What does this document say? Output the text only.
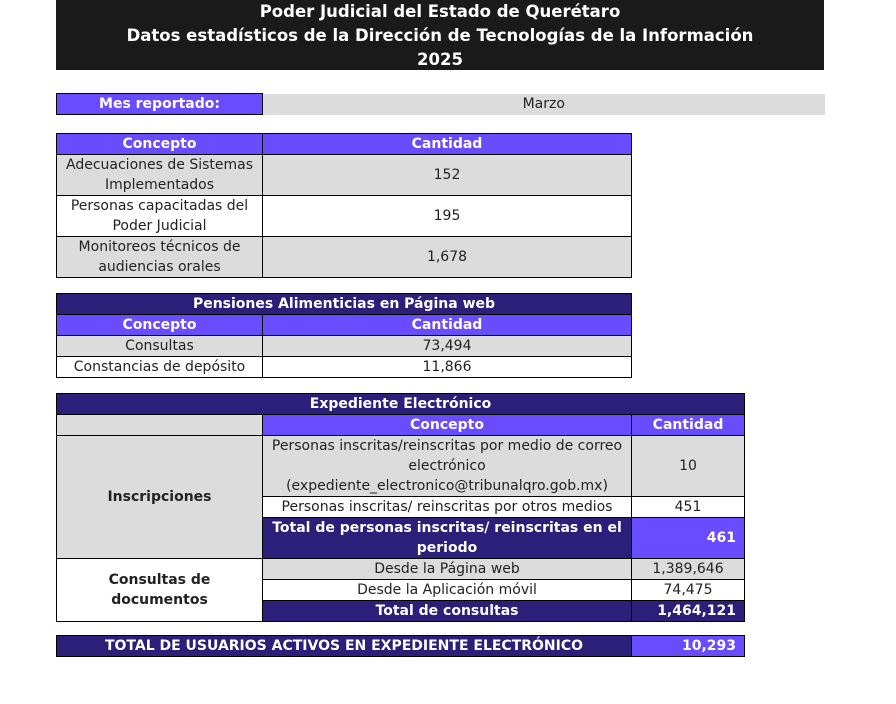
Poder Judicial del Estado de Querétaro
Datos estadísticos de la Dirección de Tecnologías de la Información
2025
Mes reportado:	Marzo
Concepto	Cantidad
Adecuaciones de Sistemas Implementados	152
Personas capacitadas del Poder Judicial	195
Monitoreos técnicos de audiencias orales	1,678
Pensiones Alimenticias en Página web	
Concepto	Cantidad
Consultas	73,494
Constancias de depósito	11,866
Expediente Electrónico		
	Concepto	Cantidad
Inscripciones	Personas inscritas/reinscritas por medio de correo electrónico (expediente_electronico@tribunalqro.gob.mx)	10
	Personas inscritas/ reinscritas por otros medios	451
	Total de personas inscritas/ reinscritas en el periodo	461
Consultas de documentos	Desde la Página web	1,389,646
	Desde la Aplicación móvil	74,475
	Total de consultas	1,464,121
TOTAL DE USUARIOS ACTIVOS EN EXPEDIENTE ELECTRÓNICO	10,293
